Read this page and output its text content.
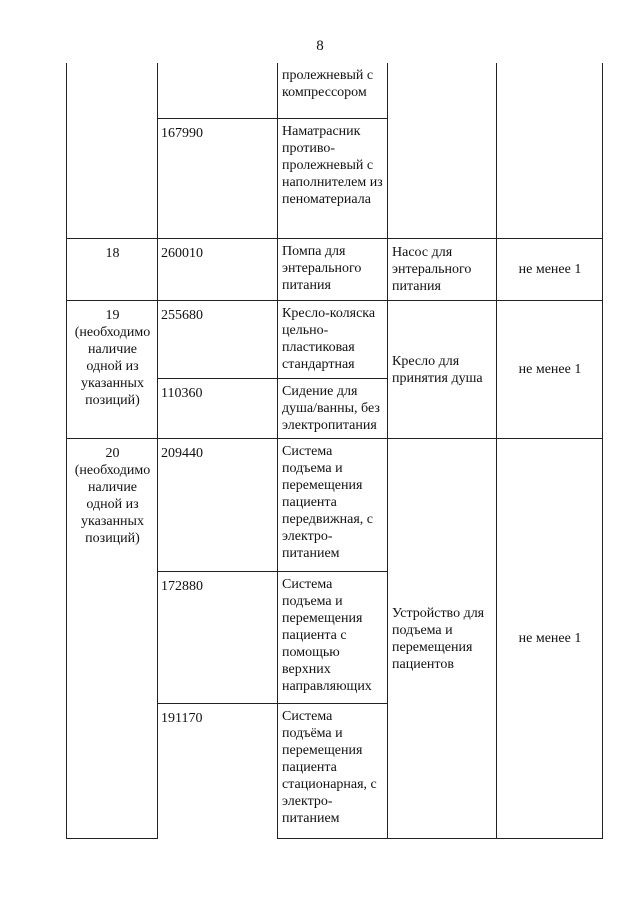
8
		пролежневый с компрессором		
	167990	Наматрасник противо-пролежневый с наполнителем из пеноматериала		
18	260010	Помпа для энтерального питания	Насос для энтерального питания	не менее 1
19 (необходимо наличие одной из указанных позиций)	255680	Кресло-коляска цельно-пластиковая стандартная	Кресло для принятия душа	не менее 1
	110360	Сидение для душа/ванны, без электропитания		
20 (необходимо наличие одной из указанных позиций)	209440	Система подъема и перемещения пациента передвижная, с электро-питанием	Устройство для подъема и перемещения пациентов	не менее 1
	172880	Система подъема и перемещения пациента с помощью верхних направляющих		
	191170	Система подъёма и перемещения пациента стационарная, с электро-питанием		
